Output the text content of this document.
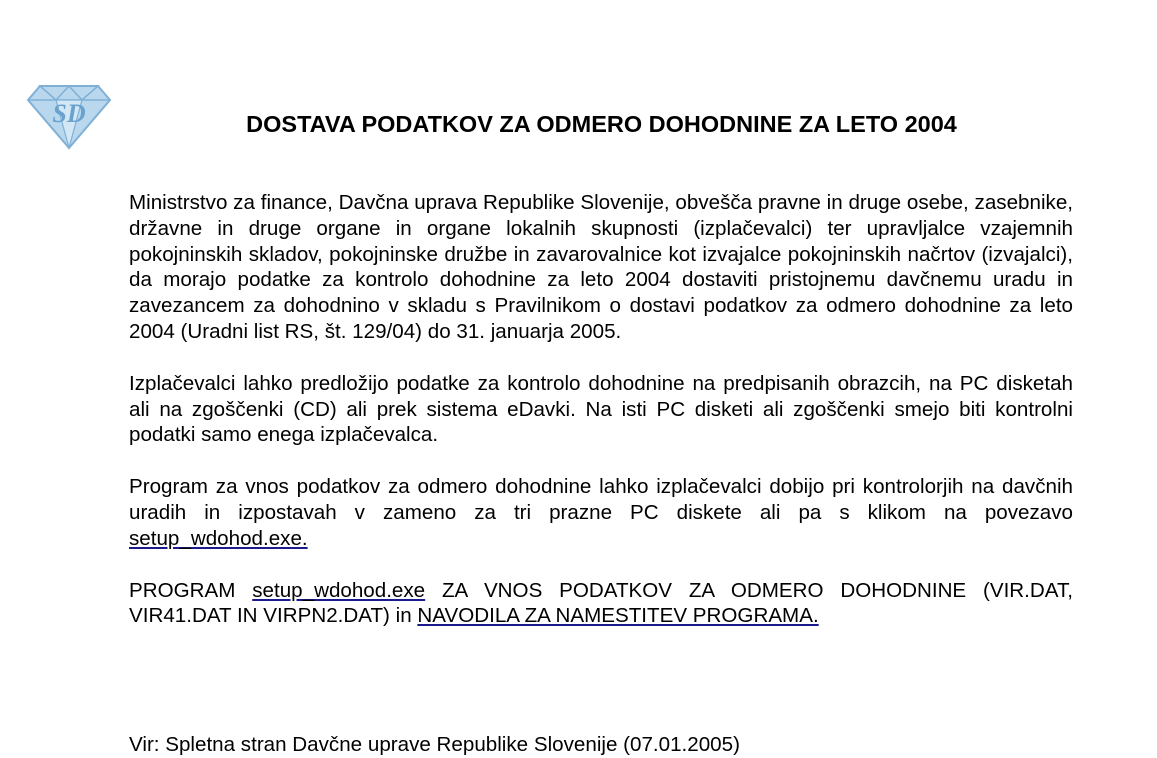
SD	DOSTAVA PODATKOV ZA ODMERO DOHODNINE ZA LETO 2004

Ministrstvo za finance, Davčna uprava Republike Slovenije, obvešča pravne in druge osebe, zasebnike, državne in druge organe in organe lokalnih skupnosti (izplačevalci) ter upravljalce vzajemnih pokojninskih skladov, pokojninske družbe in zavarovalnice kot izvajalce pokojninskih načrtov (izvajalci), da morajo podatke za kontrolo dohodnine za leto 2004 dostaviti pristojnemu davčnemu uradu in zavezancem za dohodnino v skladu s Pravilnikom o dostavi podatkov za odmero dohodnine za leto 2004 (Uradni list RS, št. 129/04) do 31. januarja 2005.

Izplačevalci lahko predložijo podatke za kontrolo dohodnine na predpisanih obrazcih, na PC disketah ali na zgoščenki (CD) ali prek sistema eDavki. Na isti PC disketi ali zgoščenki smejo biti kontrolni podatki samo enega izplačevalca.

Program za vnos podatkov za odmero dohodnine lahko izplačevalci dobijo pri kontrolorjih na davčnih uradih in izpostavah v zameno za tri prazne PC diskete ali pa s klikom na povezavo setup_wdohod.exe.

PROGRAM setup_wdohod.exe ZA VNOS PODATKOV ZA ODMERO DOHODNINE (VIR.DAT, VIR41.DAT IN VIRPN2.DAT) in NAVODILA ZA NAMESTITEV PROGRAMA.

Vir: Spletna stran Davčne uprave Republike Slovenije (07.01.2005)
